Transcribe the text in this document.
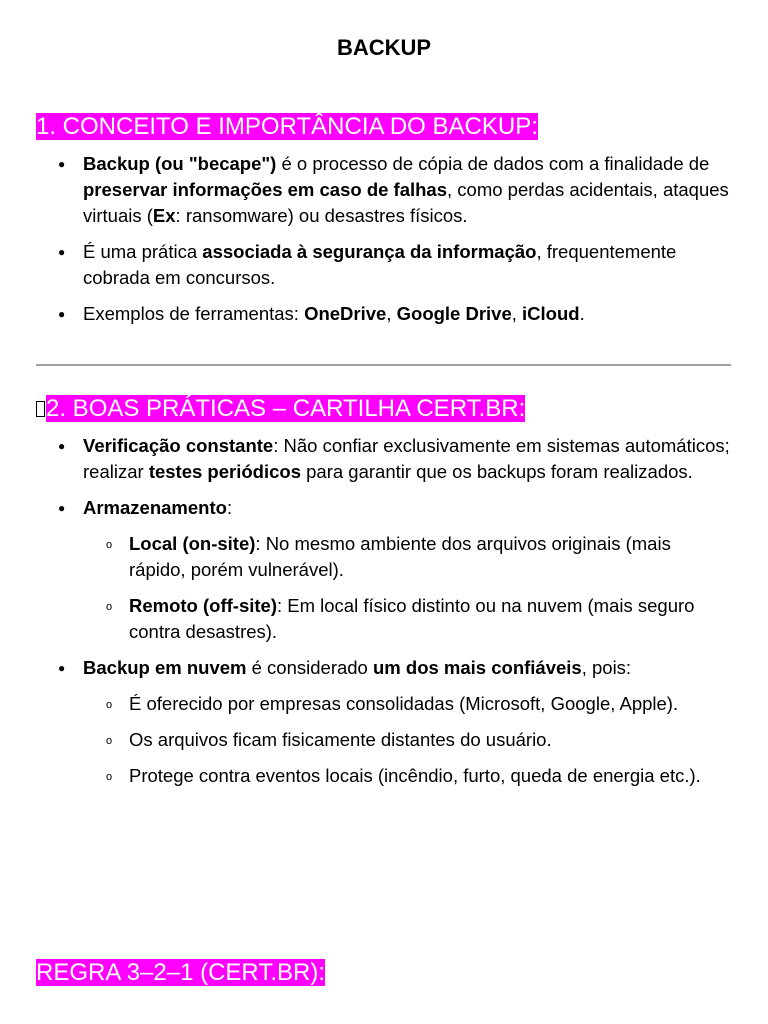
BACKUP
1. CONCEITO E IMPORTÂNCIA DO BACKUP:
● Backup (ou "becape") é o processo de cópia de dados com a finalidade de preservar informações em caso de falhas, como perdas acidentais, ataques virtuais (Ex: ransomware) ou desastres físicos.
● É uma prática associada à segurança da informação, frequentemente cobrada em concursos.
● Exemplos de ferramentas: OneDrive, Google Drive, iCloud.
2. BOAS PRÁTICAS – CARTILHA CERT.BR:
● Verificação constante: Não confiar exclusivamente em sistemas automáticos; realizar testes periódicos para garantir que os backups foram realizados.
● Armazenamento:
o Local (on-site): No mesmo ambiente dos arquivos originais (mais rápido, porém vulnerável).
o Remoto (off-site): Em local físico distinto ou na nuvem (mais seguro contra desastres).
● Backup em nuvem é considerado um dos mais confiáveis, pois:
o É oferecido por empresas consolidadas (Microsoft, Google, Apple).
o Os arquivos ficam fisicamente distantes do usuário.
o Protege contra eventos locais (incêndio, furto, queda de energia etc.).
REGRA 3–2–1 (CERT.BR):
